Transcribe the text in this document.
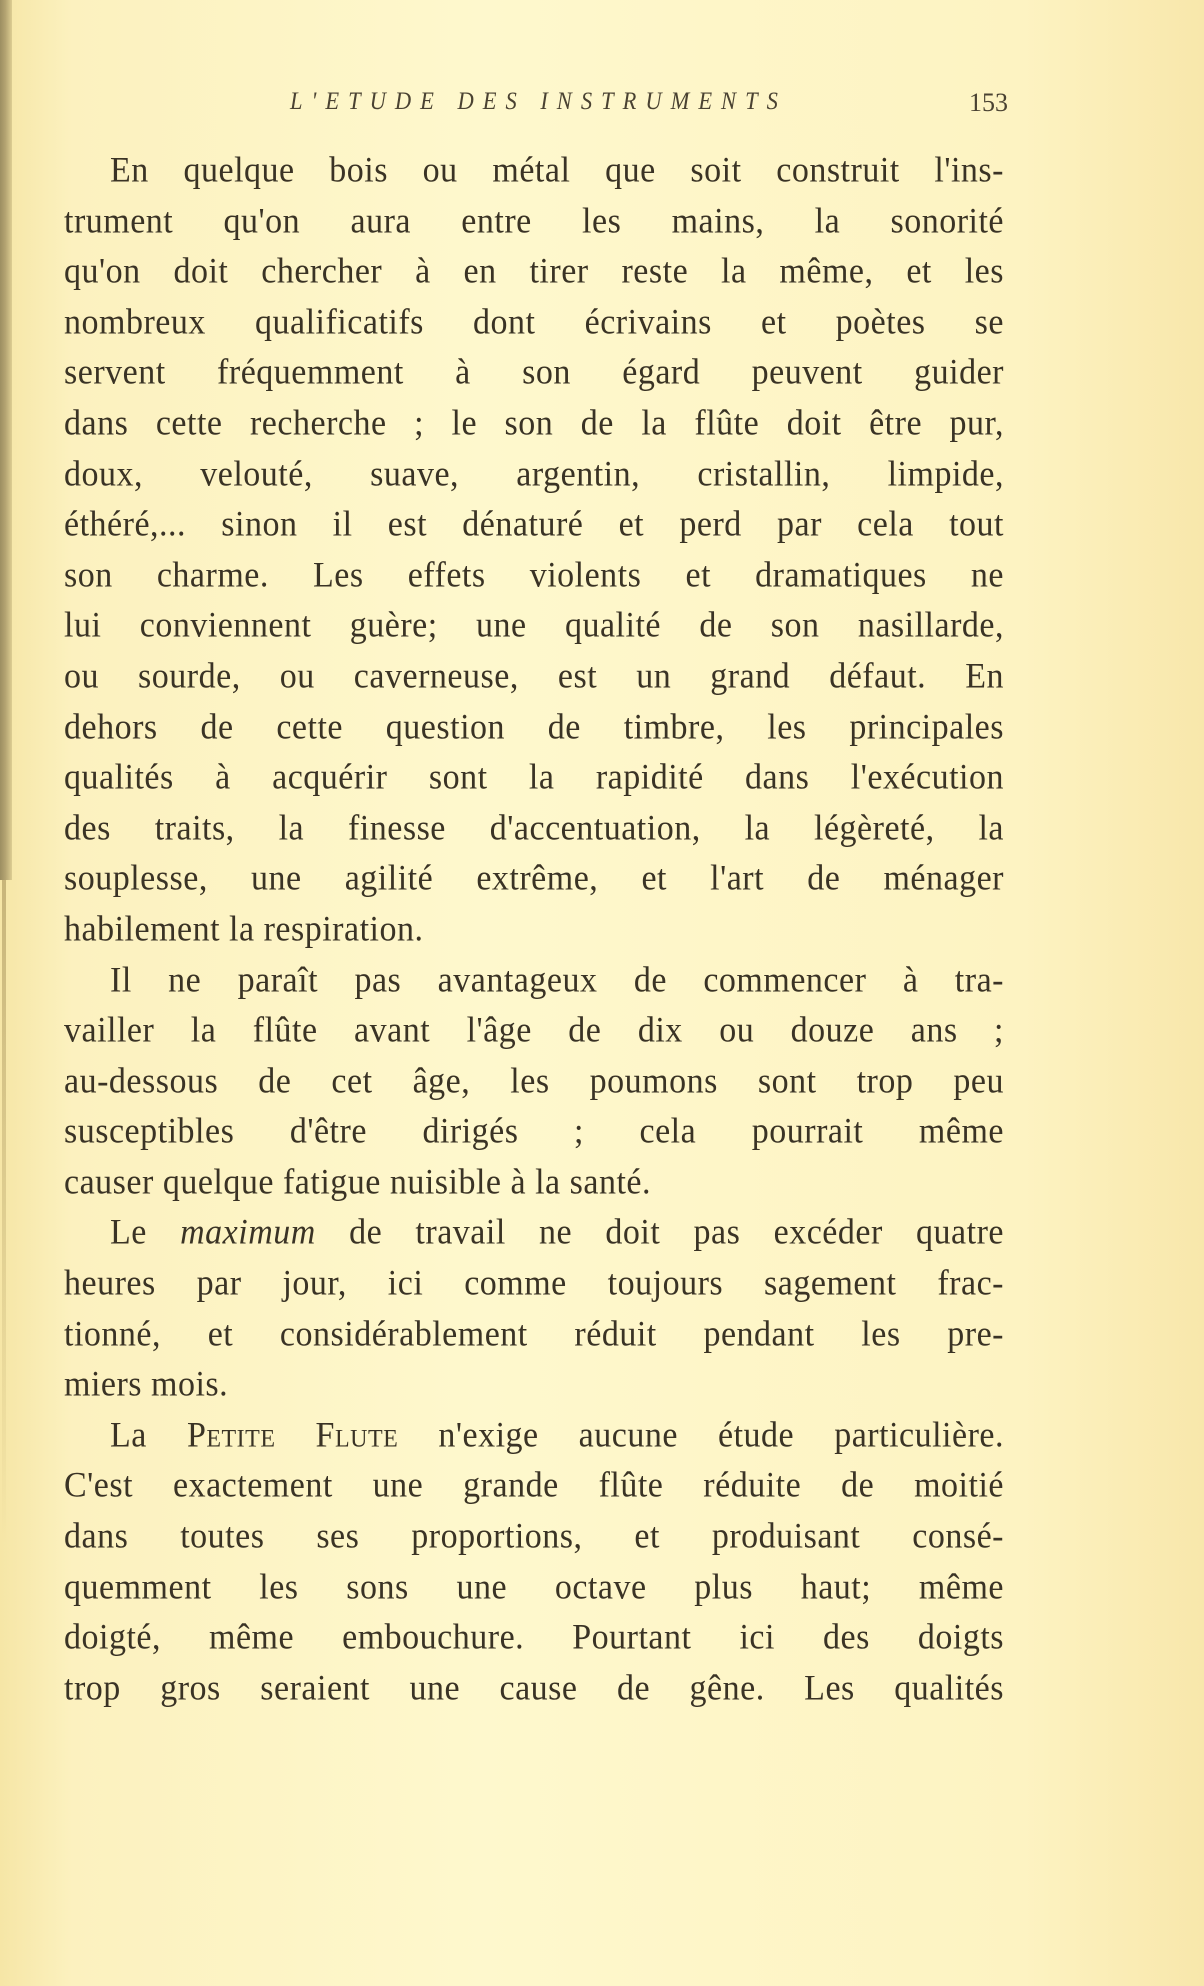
L'ETUDE DES INSTRUMENTS	153
En quelque bois ou métal que soit construit l'ins-
trument qu'on aura entre les mains, la sonorité
qu'on doit chercher à en tirer reste la même, et les
nombreux qualificatifs dont écrivains et poètes se
servent fréquemment à son égard peuvent guider
dans cette recherche ; le son de la flûte doit être pur,
doux, velouté, suave, argentin, cristallin, limpide,
éthéré,... sinon il est dénaturé et perd par cela tout
son charme. Les effets violents et dramatiques ne
lui conviennent guère; une qualité de son nasillarde,
ou sourde, ou caverneuse, est un grand défaut. En
dehors de cette question de timbre, les principales
qualités à acquérir sont la rapidité dans l'exécution
des traits, la finesse d'accentuation, la légèreté, la
souplesse, une agilité extrême, et l'art de ménager
habilement la respiration.
Il ne paraît pas avantageux de commencer à tra-
vailler la flûte avant l'âge de dix ou douze ans ;
au-dessous de cet âge, les poumons sont trop peu
susceptibles d'être dirigés ; cela pourrait même
causer quelque fatigue nuisible à la santé.
Le maximum de travail ne doit pas excéder quatre
heures par jour, ici comme toujours sagement frac-
tionné, et considérablement réduit pendant les pre-
miers mois.
La Petite Flute n'exige aucune étude particulière.
C'est exactement une grande flûte réduite de moitié
dans toutes ses proportions, et produisant consé-
quemment les sons une octave plus haut; même
doigté, même embouchure. Pourtant ici des doigts
trop gros seraient une cause de gêne. Les qualités
